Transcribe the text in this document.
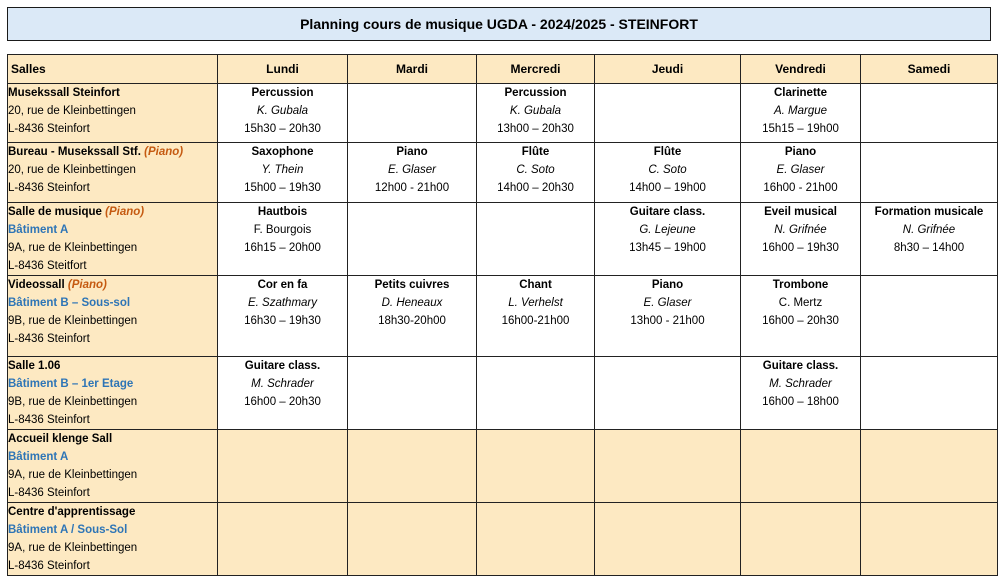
Planning cours de musique UGDA - 2024/2025 - STEINFORT
Salles	Lundi	Mardi	Mercredi	Jeudi	Vendredi	Samedi

Musekssall Steinfort
20, rue de Kleinbettingen
L-8436 Steinfort	Percussion
K. Gubala
15h30 – 20h30		Percussion
K. Gubala
13h00 – 20h30		Clarinette
A. Margue
15h15 – 19h00	

Bureau - Musekssall Stf. (Piano)
20, rue de Kleinbettingen
L-8436 Steinfort	Saxophone
Y. Thein
15h00 – 19h30	Piano
E. Glaser
12h00 - 21h00	Flûte
C. Soto
14h00 – 20h30	Flûte
C. Soto
14h00 – 19h00	Piano
E. Glaser
16h00 - 21h00	

Salle de musique (Piano)
Bâtiment A
9A, rue de Kleinbettingen
L-8436 Steitfort	Hautbois
F. Bourgois
16h15 – 20h00			Guitare class.
G. Lejeune
13h45 – 19h00	Eveil musical
N. Grifnée
16h00 – 19h30	Formation musicale
N. Grifnée
8h30 – 14h00

Videossall (Piano)
Bâtiment B – Sous-sol
9B, rue de Kleinbettingen
L-8436 Steinfort	Cor en fa
E. Szathmary
16h30 – 19h30	Petits cuivres
D. Heneaux
18h30-20h00	Chant
L. Verhelst
16h00-21h00	Piano
E. Glaser
13h00 - 21h00	Trombone
C. Mertz
16h00 – 20h30	

Salle 1.06
Bâtiment B – 1er Etage
9B, rue de Kleinbettingen
L-8436 Steinfort	Guitare class.
M. Schrader
16h00 – 20h30				Guitare class.
M. Schrader
16h00 – 18h00	

Accueil klenge Sall
Bâtiment A
9A, rue de Kleinbettingen
L-8436 Steinfort						

Centre d'apprentissage
Bâtiment A / Sous-Sol
9A, rue de Kleinbettingen
L-8436 Steinfort						
